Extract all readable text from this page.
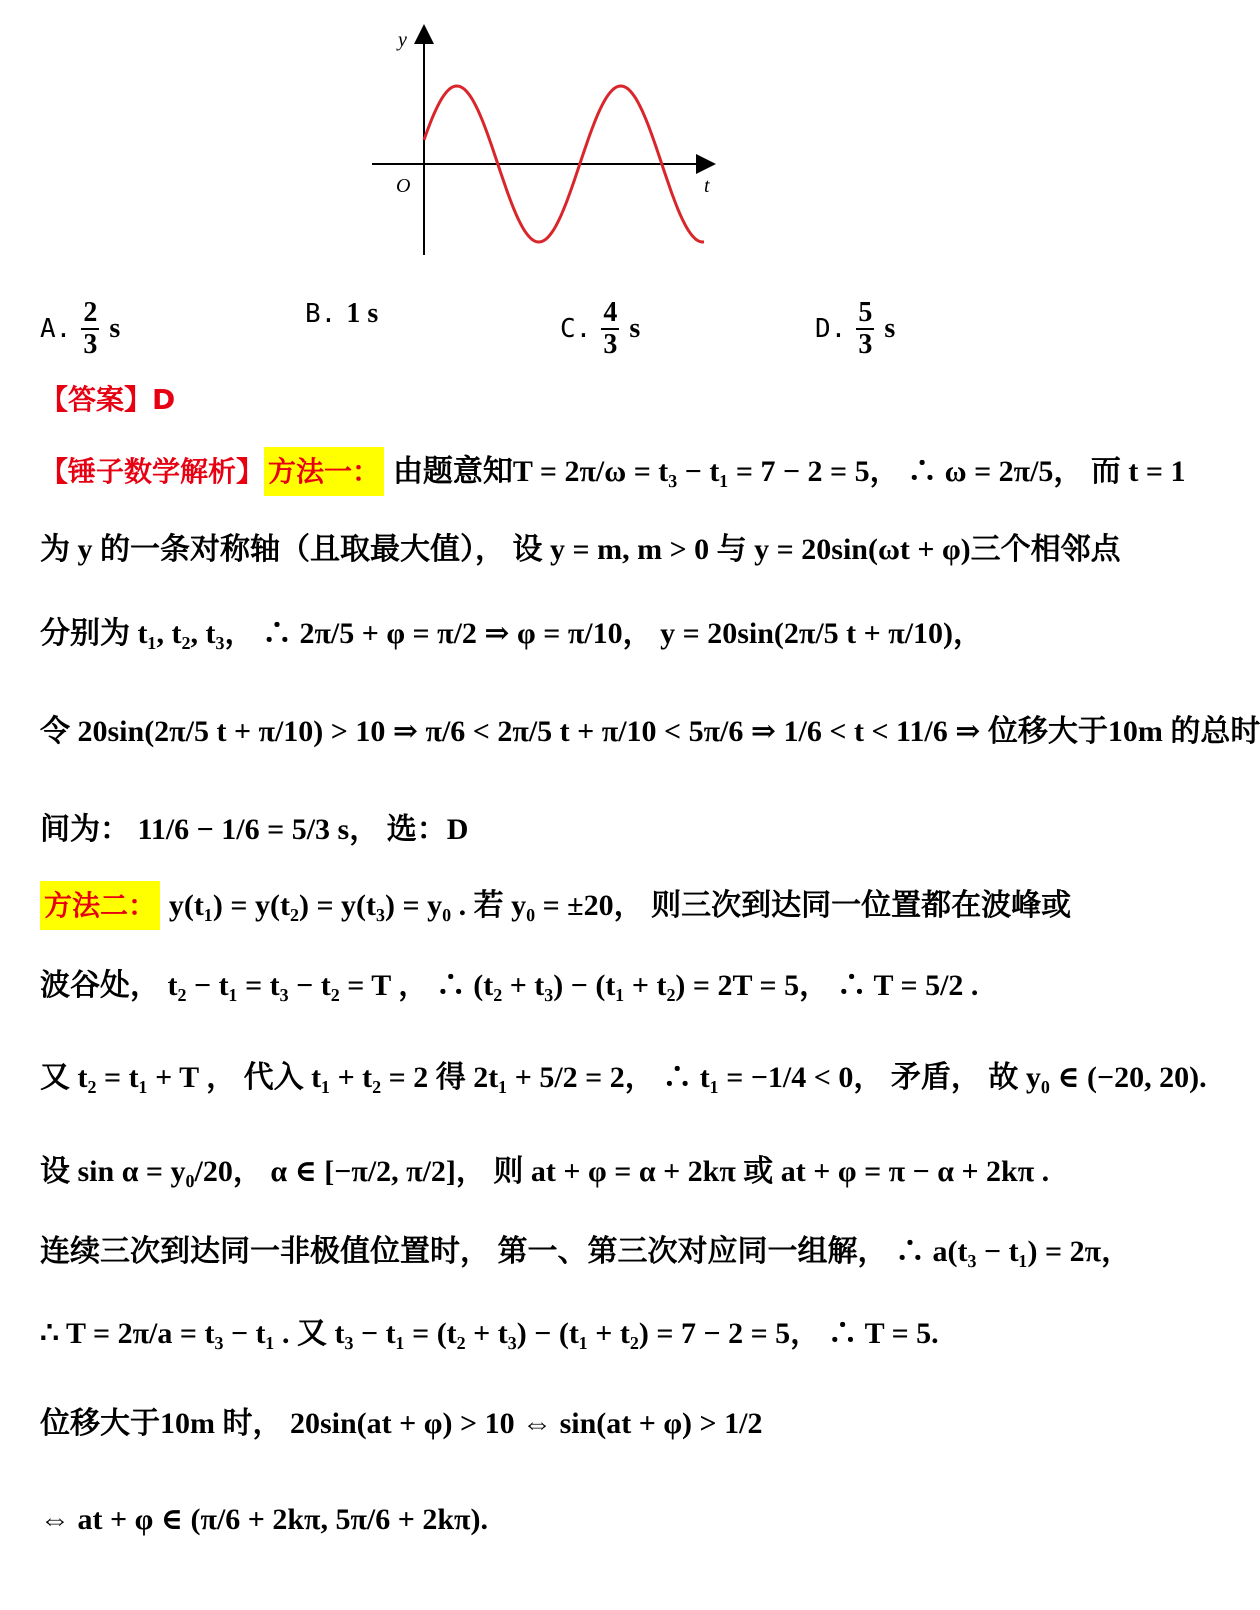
y
t
O
A. $\frac{2}{3}$ s	B. 1 s	C. $\frac{4}{3}$ s	D. $\frac{5}{3}$ s
【答案】D
【锤子数学解析】 方法一： 由题意知T = 2π/ω = t₃ − t₁ = 7 − 2 = 5， ∴ ω = 2π/5， 而 t = 1
为 y 的一条对称轴（且取最大值）， 设 y = m, m > 0 与 y = 20sin(ωt + φ)三个相邻点
分别为 t₁, t₂, t₃， ∴ 2π/5 + φ = π/2 ⇒ φ = π/10， y = 20sin(2π/5 t + π/10)，
令 20sin(2π/5 t + π/10) > 10 ⇒ π/6 < 2π/5 t + π/10 < 5π/6 ⇒ 1/6 < t < 11/6 ⇒ 位移大于10m 的总时
间为： 11/6 − 1/6 = 5/3 s， 选：D
方法二： y(t₁) = y(t₂) = y(t₃) = y₀ . 若 y₀ = ±20， 则三次到达同一位置都在波峰或
波谷处， t₂ − t₁ = t₃ − t₂ = T ， ∴ (t₂ + t₃) − (t₁ + t₂) = 2T = 5， ∴ T = 5/2 .
又 t₂ = t₁ + T ， 代入 t₁ + t₂ = 2 得 2t₁ + 5/2 = 2， ∴ t₁ = −1/4 < 0， 矛盾， 故 y₀ ∈ (−20, 20).
设 sin α = y₀/20， α ∈ [−π/2, π/2]， 则 at + φ = α + 2kπ 或 at + φ = π − α + 2kπ .
连续三次到达同一非极值位置时， 第一、第三次对应同一组解， ∴ a(t₃ − t₁) = 2π，
∴ T = 2π/a = t₃ − t₁ . 又 t₃ − t₁ = (t₂ + t₃) − (t₁ + t₂) = 7 − 2 = 5， ∴ T = 5.
位移大于10m 时， 20sin(at + φ) > 10 ⇔ sin(at + φ) > 1/2
⇔ at + φ ∈ (π/6 + 2kπ, 5π/6 + 2kπ).
